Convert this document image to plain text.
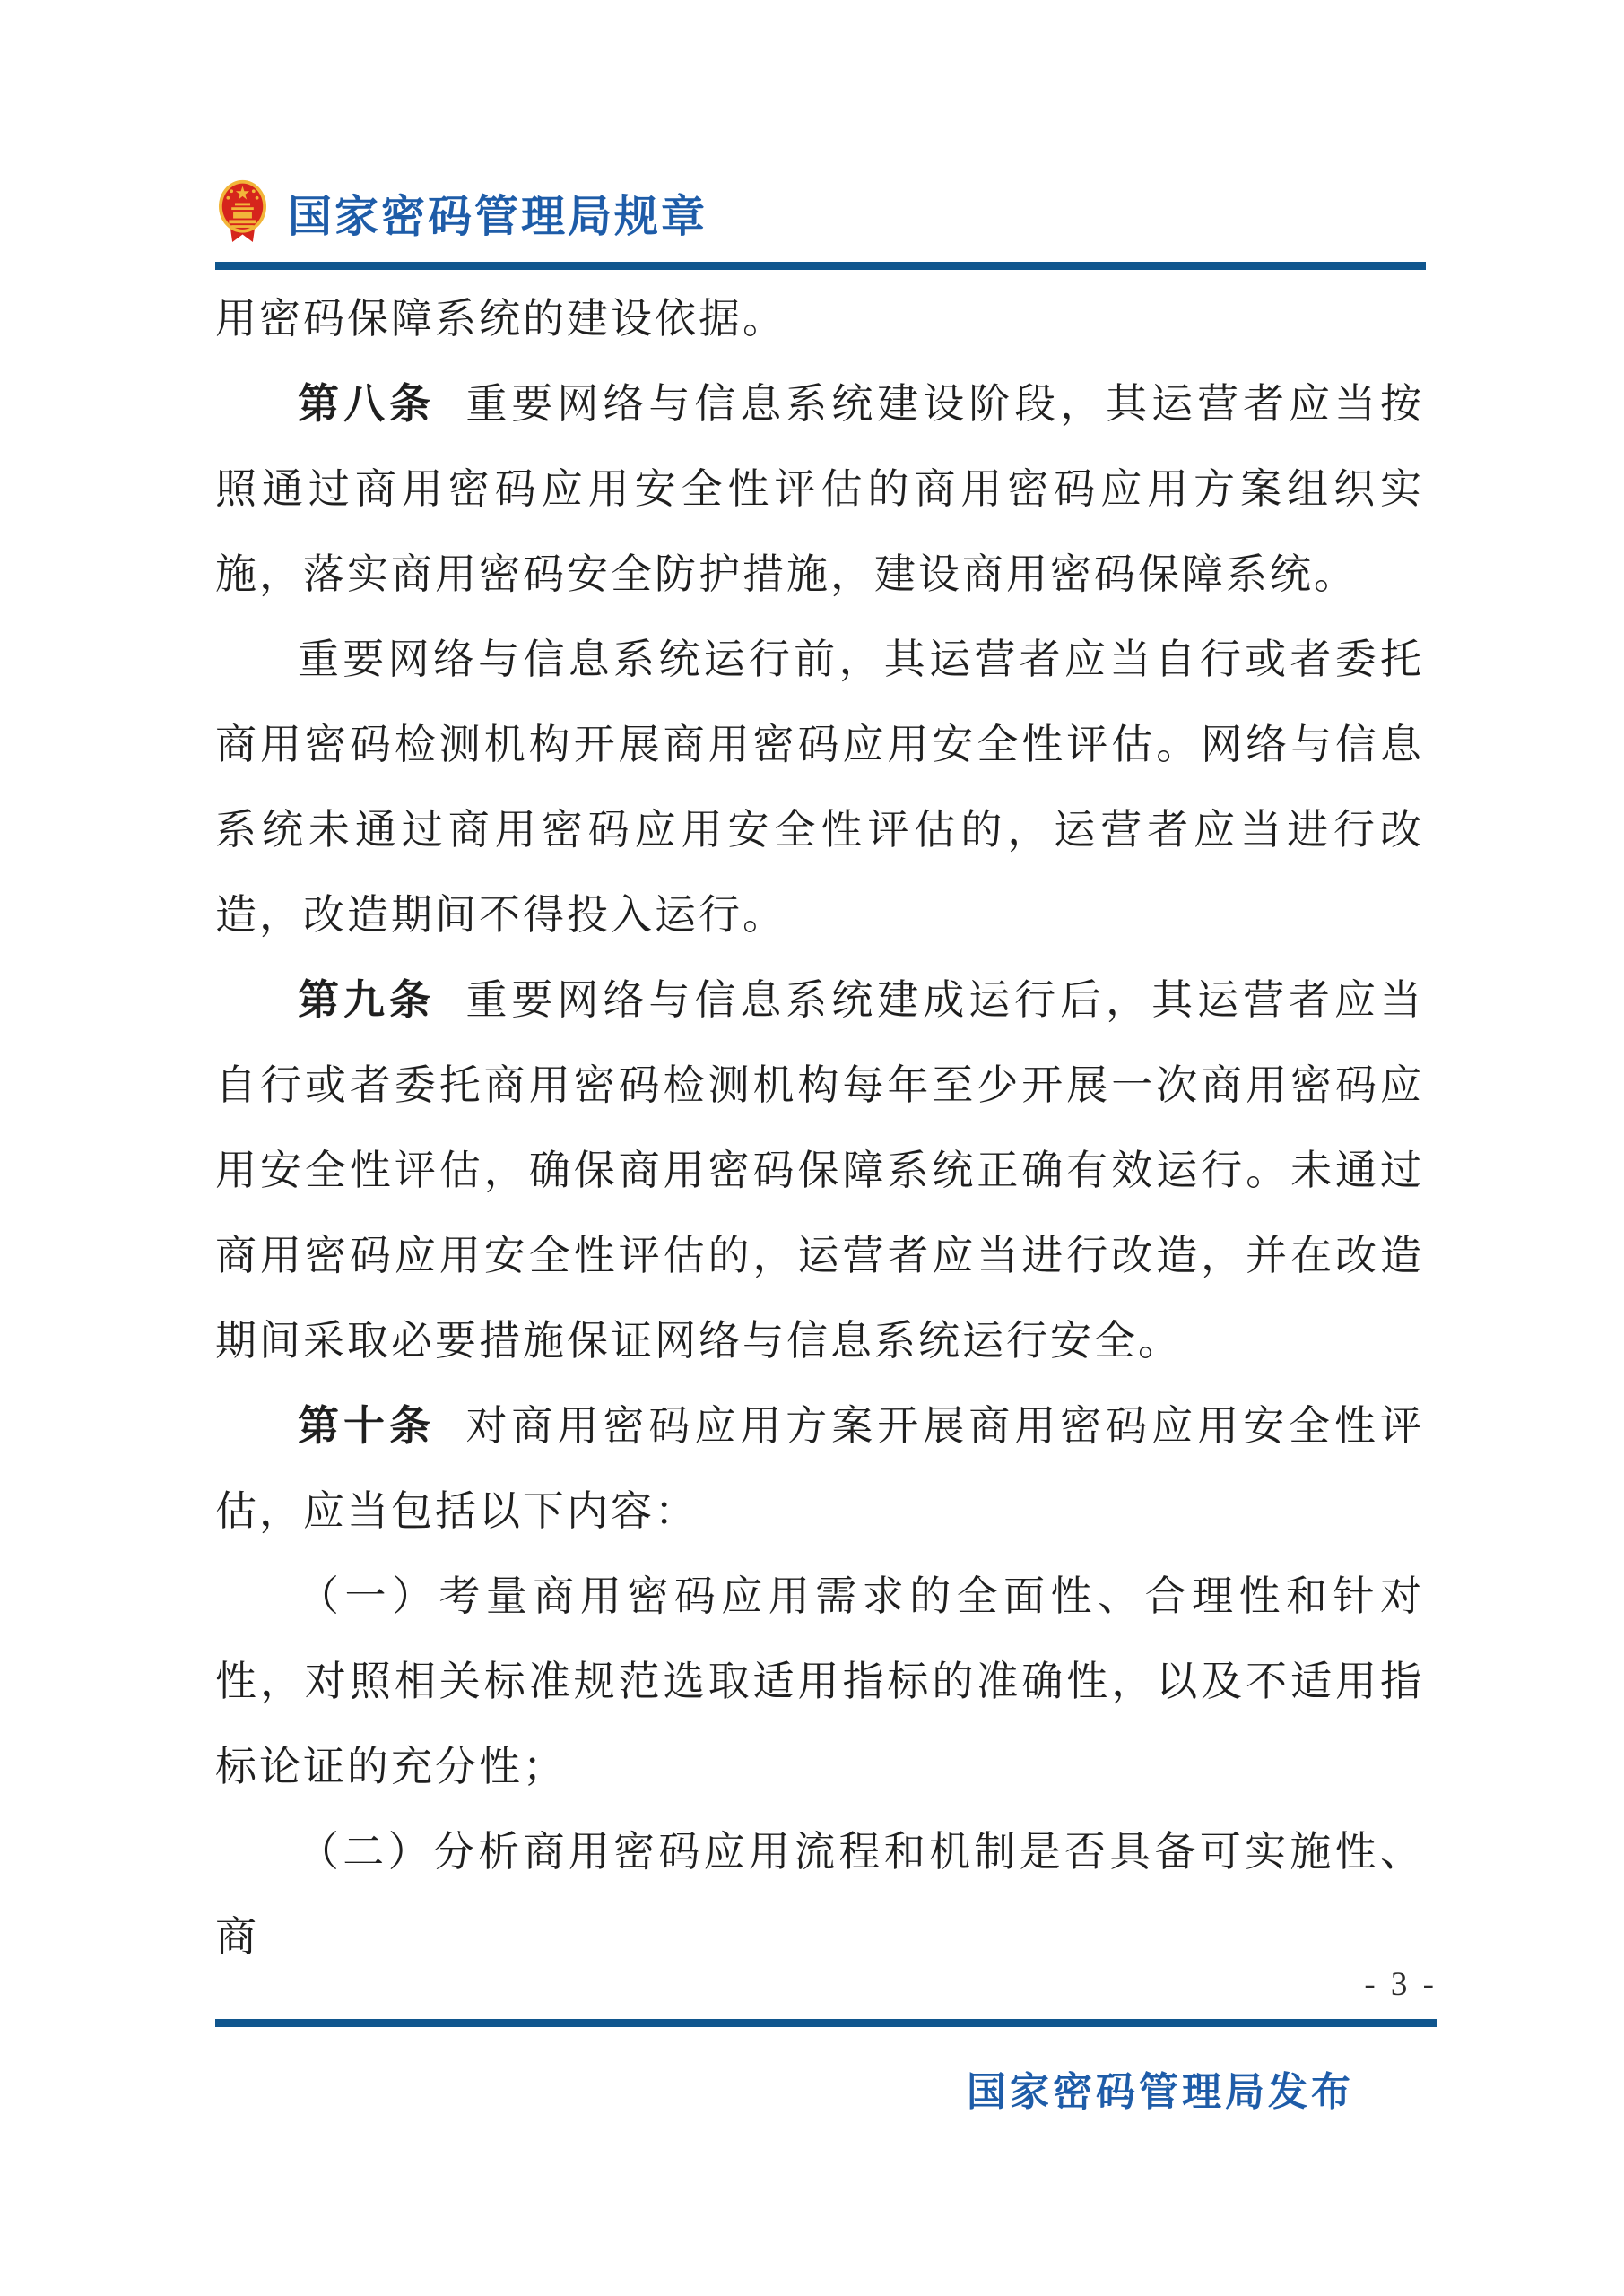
国家密码管理局规章

用密码保障系统的建设依据。

第八条 重要网络与信息系统建设阶段，其运营者应当按照通过商用密码应用安全性评估的商用密码应用方案组织实施，落实商用密码安全防护措施，建设商用密码保障系统。

重要网络与信息系统运行前，其运营者应当自行或者委托商用密码检测机构开展商用密码应用安全性评估。网络与信息系统未通过商用密码应用安全性评估的，运营者应当进行改造，改造期间不得投入运行。

第九条 重要网络与信息系统建成运行后，其运营者应当自行或者委托商用密码检测机构每年至少开展一次商用密码应用安全性评估，确保商用密码保障系统正确有效运行。未通过商用密码应用安全性评估的，运营者应当进行改造，并在改造期间采取必要措施保证网络与信息系统运行安全。

第十条 对商用密码应用方案开展商用密码应用安全性评估，应当包括以下内容：

（一）考量商用密码应用需求的全面性、合理性和针对性，对照相关标准规范选取适用指标的准确性，以及不适用指标论证的充分性；

（二）分析商用密码应用流程和机制是否具备可实施性、商

- 3 -
国家密码管理局发布
